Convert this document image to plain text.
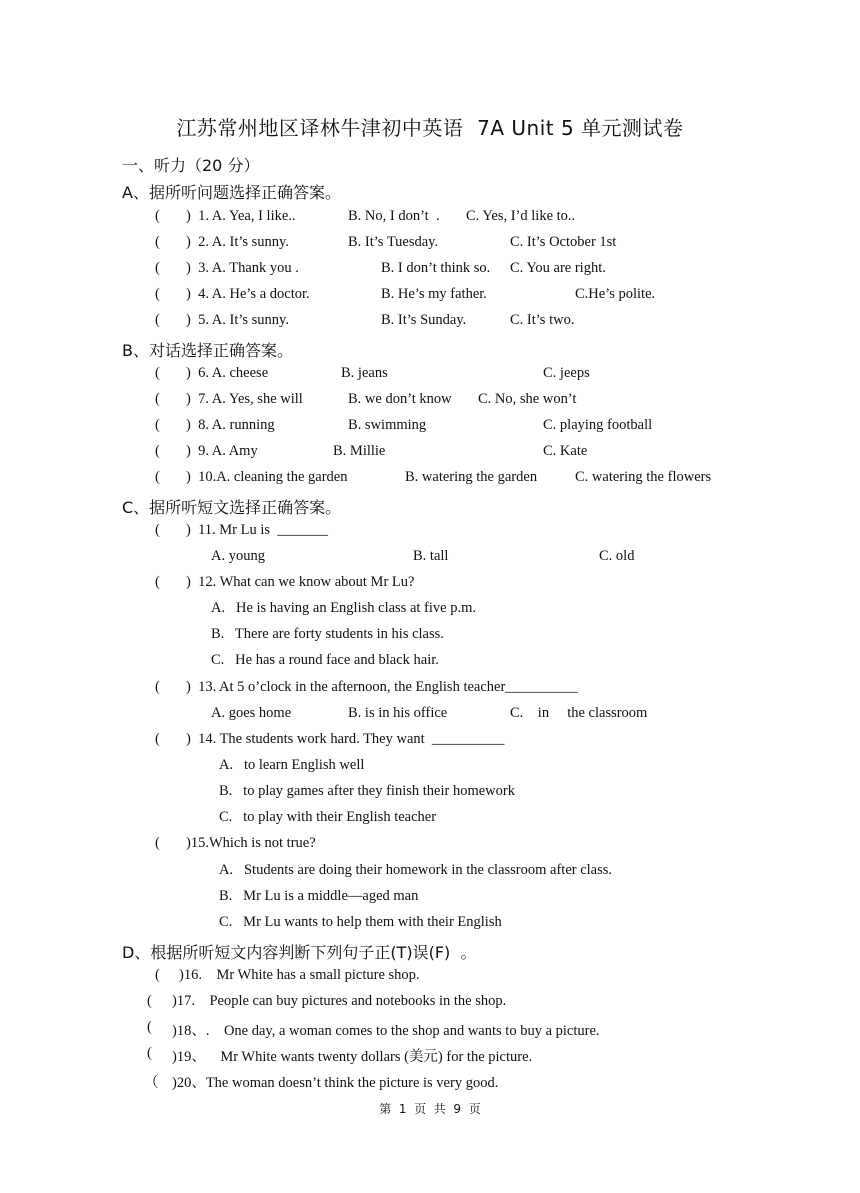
江苏常州地区译林牛津初中英语  7A Unit 5 单元测试卷
一、听力（20 分）
A、据所听问题选择正确答案。
( )  1. A. Yea, I like..	B. No, I don’t  . C. Yes, I’d like to..
( )  2. A. It’s sunny.	B. It’s Tuesday.	C. It’s October 1st
( )  3. A. Thank you .	B. I don’t think so. C. You are right.
( )  4. A. He’s a doctor.	B. He’s my father.	C.He’s polite.
( )  5. A. It’s sunny.	B. It’s Sunday.	C. It’s two.
B、对话选择正确答案。
( )  6. A. cheese	B. jeans	C. jeeps
( )  7. A. Yes, she will	B. we don’t know C. No, she won’t
( )  8. A. running	B. swimming	C. playing football
( )  9. A. Amy	B. Millie	C. Kate
( )  10.A. cleaning the garden	B. watering the garden	C. watering the flowers
C、据所听短文选择正确答案。
( )  11. Mr Lu is  _______
A. young	B. tall	C. old
( )  12. What can we know about Mr Lu?
A.   He is having an English class at five p.m.
B.   There are forty students in his class.
C.   He has a round face and black hair.
( )  13. At 5 o’clock in the afternoon, the English teacher__________
A. goes home	B. is in his office	C.    in     the classroom
( )  14. The students work hard. They want  __________
A.   to learn English well
B.   to play games after they finish their homework
C.   to play with their English teacher
( )15.Which is not true?
A.   Students are doing their homework in the classroom after class.
B.   Mr Lu is a middle—aged man
C.   Mr Lu wants to help them with their English
D、根据所听短文内容判断下列句子正(T)误(F)  。
( )16.    Mr White has a small picture shop.
( )17.    People can buy pictures and notebooks in the shop.
( )18、.    One day, a woman comes to the shop and wants to buy a picture.
( )19、    Mr White wants twenty dollars (美元) for the picture.
（ )20、The woman doesn’t think the picture is very good.
第  1  页  共  9  页
